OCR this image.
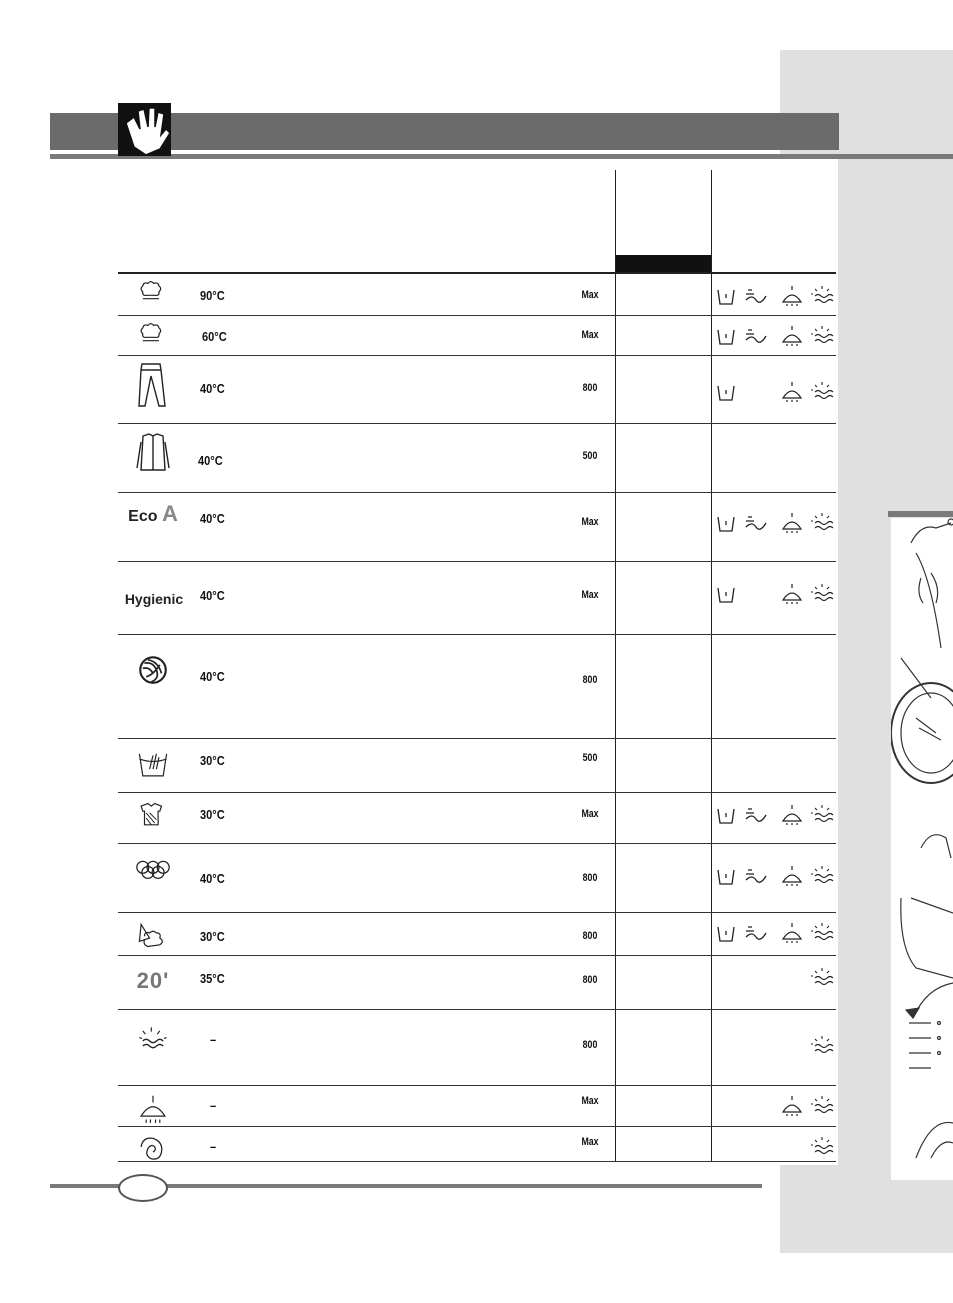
90°C	Max
60°C	Max
40°C	800
40°C	500
Eco A 40°C	Max
Hygienic 40°C	Max
40°C	800
30°C	500
30°C	Max
40°C	800
30°C	800
20' 35°C	800
–	800
–	Max
–	Max
